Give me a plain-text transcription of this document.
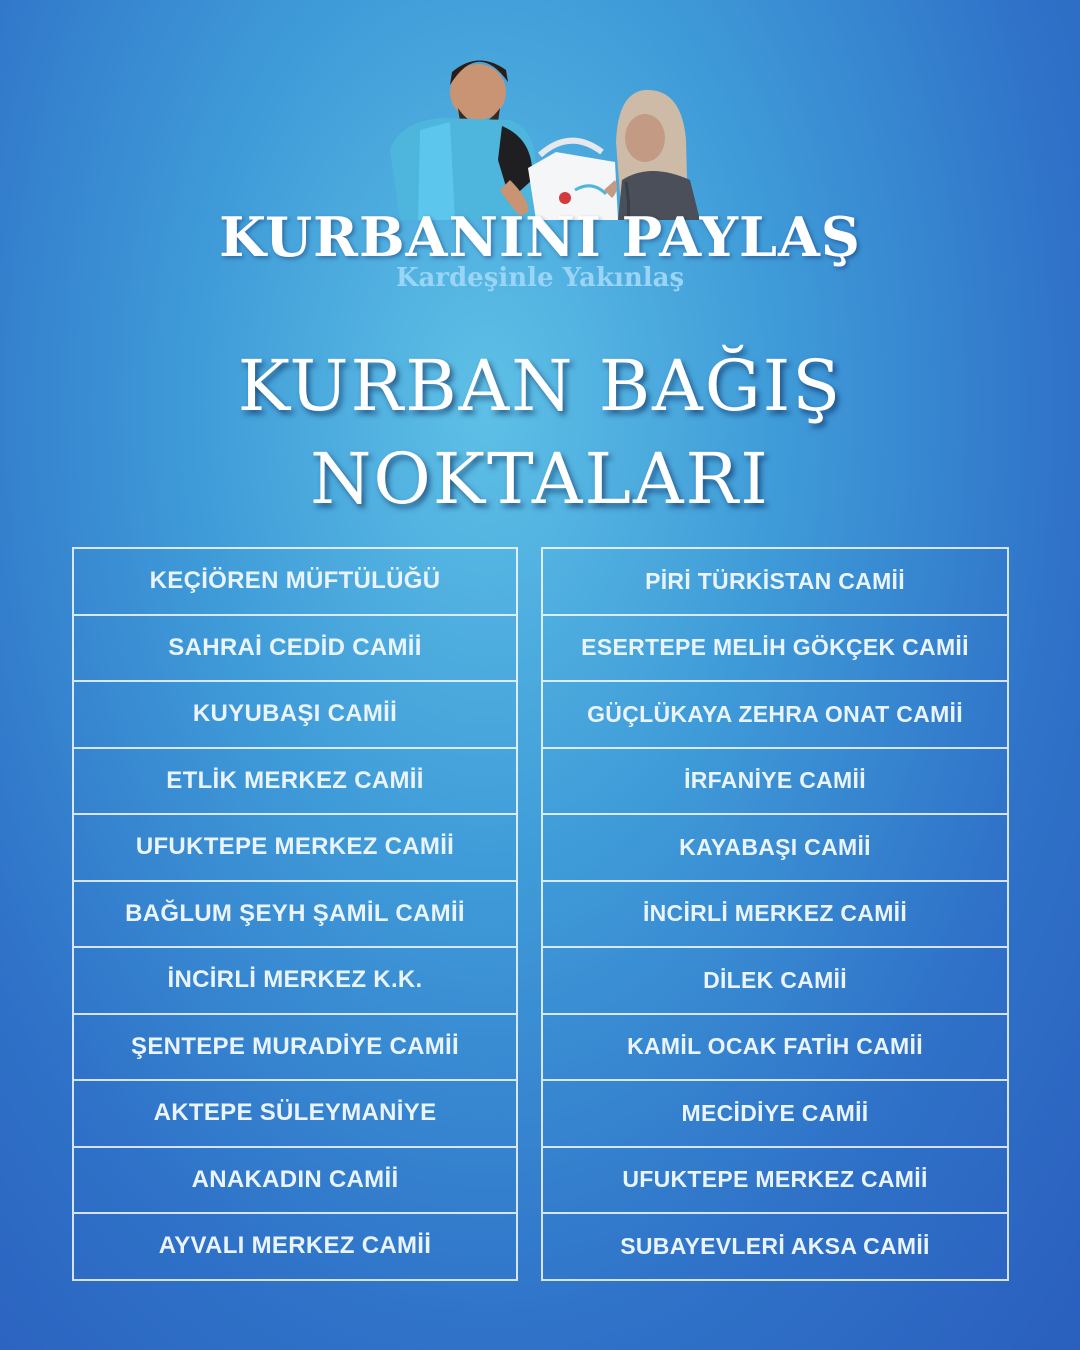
KURBANINI PAYLAŞ
Kardeşinle Yakınlaş
KURBAN BAĞIŞ
NOKTALARI
KEÇİÖREN MÜFTÜLÜĞÜ
SAHRAİ CEDİD CAMİİ
KUYUBAŞI CAMİİ
ETLİK MERKEZ CAMİİ
UFUKTEPE MERKEZ CAMİİ
BAĞLUM ŞEYH ŞAMİL CAMİİ
İNCİRLİ MERKEZ K.K.
ŞENTEPE MURADİYE CAMİİ
AKTEPE SÜLEYMANİYE
ANAKADIN CAMİİ
AYVALI MERKEZ CAMİİ
PİRİ TÜRKİSTAN CAMİİ
ESERTEPE MELİH GÖKÇEK CAMİİ
GÜÇLÜKAYA ZEHRA ONAT CAMİİ
İRFANİYE CAMİİ
KAYABAŞI CAMİİ
İNCİRLİ MERKEZ CAMİİ
DİLEK CAMİİ
KAMİL OCAK FATİH CAMİİ
MECİDİYE CAMİİ
UFUKTEPE MERKEZ CAMİİ
SUBAYEVLERİ AKSA CAMİİ
